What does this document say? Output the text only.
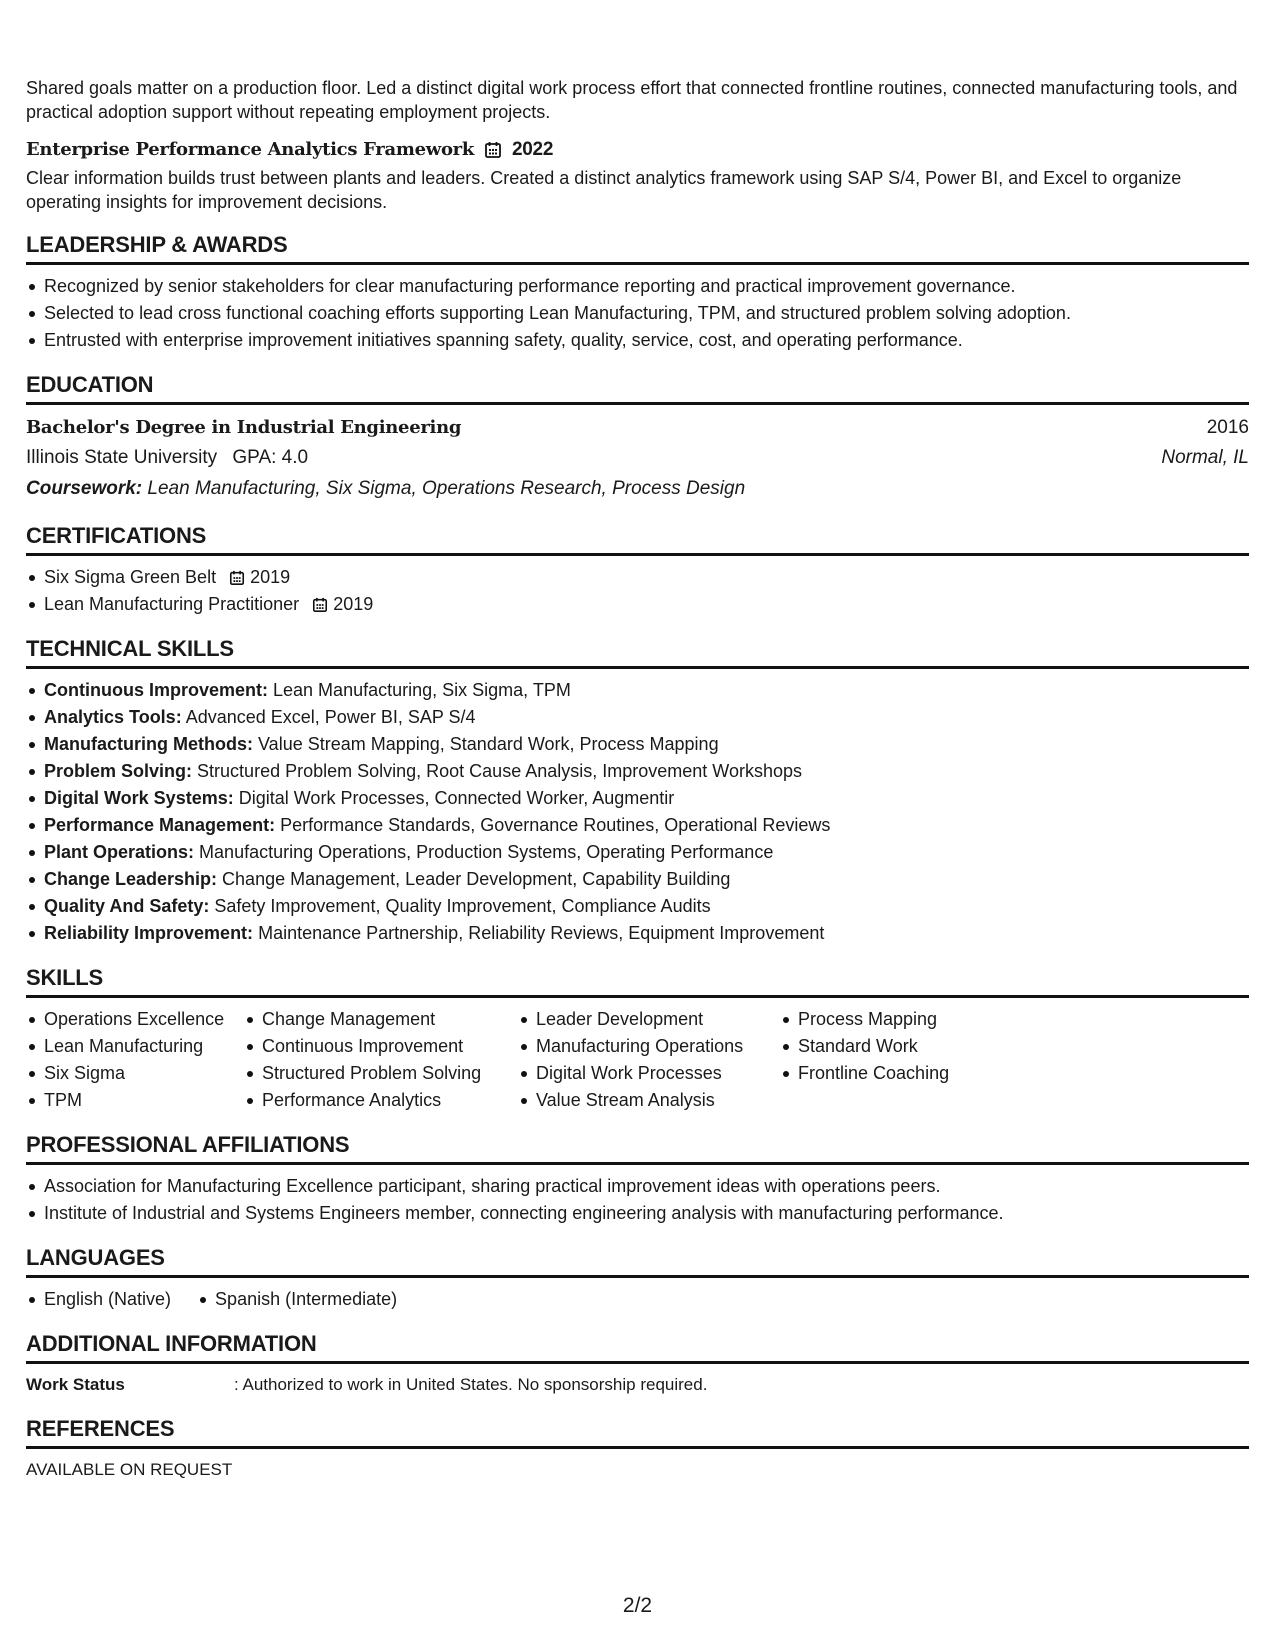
Shared goals matter on a production floor. Led a distinct digital work process effort that connected frontline routines, connected manufacturing tools, and practical adoption support without repeating employment projects.

Enterprise Performance Analytics Framework 2022

Clear information builds trust between plants and leaders. Created a distinct analytics framework using SAP S/4, Power BI, and Excel to organize operating insights for improvement decisions.

LEADERSHIP & AWARDS
Recognized by senior stakeholders for clear manufacturing performance reporting and practical improvement governance.
Selected to lead cross functional coaching efforts supporting Lean Manufacturing, TPM, and structured problem solving adoption.
Entrusted with enterprise improvement initiatives spanning safety, quality, service, cost, and operating performance.
EDUCATION
Bachelor's Degree in Industrial Engineering	2016
Illinois State University GPA: 4.0	Normal, IL
Coursework: Lean Manufacturing, Six Sigma, Operations Research, Process Design
CERTIFICATIONS
Six Sigma Green Belt 2019
Lean Manufacturing Practitioner 2019
TECHNICAL SKILLS
Continuous Improvement: Lean Manufacturing, Six Sigma, TPM
Analytics Tools: Advanced Excel, Power BI, SAP S/4
Manufacturing Methods: Value Stream Mapping, Standard Work, Process Mapping
Problem Solving: Structured Problem Solving, Root Cause Analysis, Improvement Workshops
Digital Work Systems: Digital Work Processes, Connected Worker, Augmentir
Performance Management: Performance Standards, Governance Routines, Operational Reviews
Plant Operations: Manufacturing Operations, Production Systems, Operating Performance
Change Leadership: Change Management, Leader Development, Capability Building
Quality And Safety: Safety Improvement, Quality Improvement, Compliance Audits
Reliability Improvement: Maintenance Partnership, Reliability Reviews, Equipment Improvement
SKILLS
Operations Excellence
Lean Manufacturing
Six Sigma
TPM
Change Management
Continuous Improvement
Structured Problem Solving
Performance Analytics
Leader Development
Manufacturing Operations
Digital Work Processes
Value Stream Analysis
Process Mapping
Standard Work
Frontline Coaching
PROFESSIONAL AFFILIATIONS
Association for Manufacturing Excellence participant, sharing practical improvement ideas with operations peers.
Institute of Industrial and Systems Engineers member, connecting engineering analysis with manufacturing performance.
LANGUAGES
English (Native)	Spanish (Intermediate)
ADDITIONAL INFORMATION
Work Status	: Authorized to work in United States. No sponsorship required.
REFERENCES
AVAILABLE ON REQUEST
2/2
